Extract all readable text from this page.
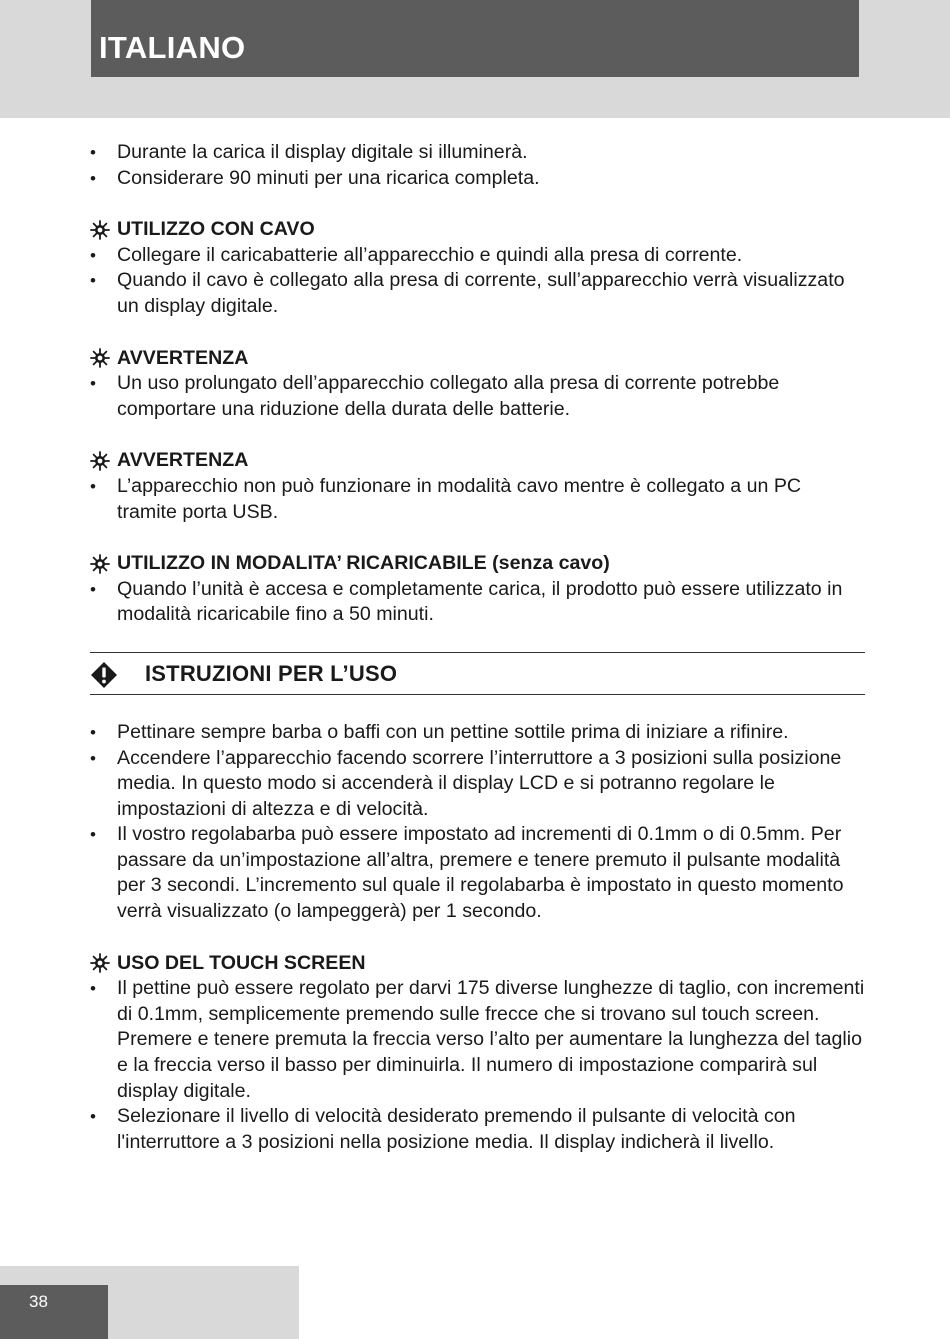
ITALIANO
• Durante la carica il display digitale si illuminerà.
• Considerare 90 minuti per una ricarica completa.
UTILIZZO CON CAVO
• Collegare il caricabatterie all’apparecchio e quindi alla presa di corrente.
• Quando il cavo è collegato alla presa di corrente, sull’apparecchio verrà visualizzato un display digitale.
AVVERTENZA
• Un uso prolungato dell’apparecchio collegato alla presa di corrente potrebbe comportare una riduzione della durata delle batterie.
AVVERTENZA
• L’apparecchio non può funzionare in modalità cavo mentre è collegato a un PC tramite porta USB.
UTILIZZO IN MODALITA’ RICARICABILE (senza cavo)
• Quando l’unità è accesa e completamente carica, il prodotto può essere utilizzato in modalità ricaricabile fino a 50 minuti.
ISTRUZIONI PER L’USO
• Pettinare sempre barba o baffi con un pettine sottile prima di iniziare a rifinire.
• Accendere l’apparecchio facendo scorrere l’interruttore a 3 posizioni sulla posizione media. In questo modo si accenderà il display LCD e si potranno regolare le impostazioni di altezza e di velocità.
• Il vostro regolabarba può essere impostato ad incrementi di 0.1mm o di 0.5mm. Per passare da un’impostazione all’altra, premere e tenere premuto il pulsante modalità per 3 secondi. L’incremento sul quale il regolabarba è impostato in questo momento verrà visualizzato (o lampeggerà) per 1 secondo.
USO DEL TOUCH SCREEN
• Il pettine può essere regolato per darvi 175 diverse lunghezze di taglio, con incrementi di 0.1mm, semplicemente premendo sulle frecce che si trovano sul touch screen. Premere e tenere premuta la freccia verso l’alto per aumentare la lunghezza del taglio e la freccia verso il basso per diminuirla. Il numero di impostazione comparirà sul display digitale.
• Selezionare il livello di velocità desiderato premendo il pulsante di velocità con l'interruttore a 3 posizioni nella posizione media. Il display indicherà il livello.
38
